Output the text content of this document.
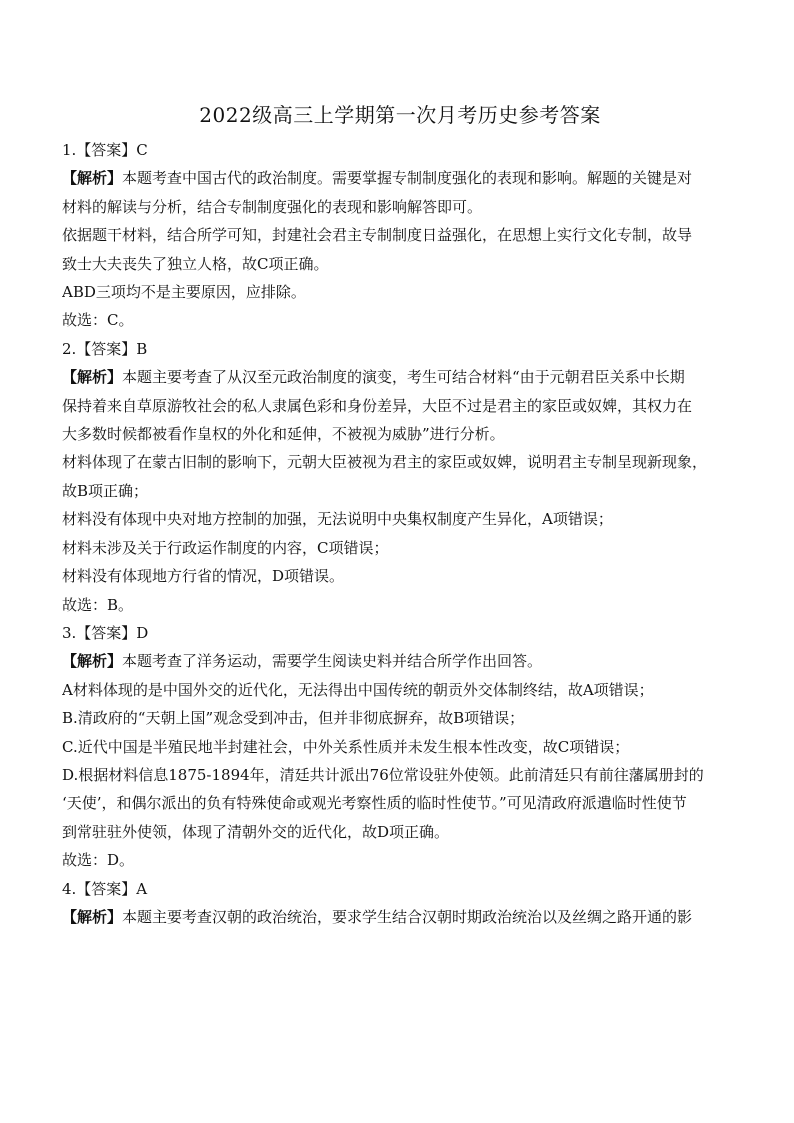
2022级高三上学期第一次月考历史参考答案

1.【答案】C

【解析】本题考查中国古代的政治制度。需要掌握专制制度强化的表现和影响。解题的关键是对

材料的解读与分析，结合专制制度强化的表现和影响解答即可。

依据题干材料，结合所学可知，封建社会君主专制制度日益强化，在思想上实行文化专制，故导

致士大夫丧失了独立人格，故C项正确。

ABD三项均不是主要原因，应排除。

故选：C。

2.【答案】B

【解析】本题主要考查了从汉至元政治制度的演变，考生可结合材料“由于元朝君臣关系中长期

保持着来自草原游牧社会的私人隶属色彩和身份差异，大臣不过是君主的家臣或奴婢，其权力在

大多数时候都被看作皇权的外化和延伸，不被视为威胁”进行分析。

材料体现了在蒙古旧制的影响下，元朝大臣被视为君主的家臣或奴婢，说明君主专制呈现新现象，

故B项正确；

材料没有体现中央对地方控制的加强，无法说明中央集权制度产生异化，A项错误；

材料未涉及关于行政运作制度的内容，C项错误；

材料没有体现地方行省的情况，D项错误。

故选：B。

3.【答案】D

【解析】本题考查了洋务运动，需要学生阅读史料并结合所学作出回答。

A材料体现的是中国外交的近代化，无法得出中国传统的朝贡外交体制终结，故A项错误；

B.清政府的“天朝上国”观念受到冲击，但并非彻底摒弃，故B项错误；

C.近代中国是半殖民地半封建社会，中外关系性质并未发生根本性改变，故C项错误；

D.根据材料信息1875-1894年，清廷共计派出76位常设驻外使领。此前清廷只有前往藩属册封的

‘天使’，和偶尔派出的负有特殊使命或观光考察性质的临时性使节。”可见清政府派遣临时性使节

到常驻驻外使领，体现了清朝外交的近代化，故D项正确。

故选：D。

4.【答案】A

【解析】本题主要考查汉朝的政治统治，要求学生结合汉朝时期政治统治以及丝绸之路开通的影
